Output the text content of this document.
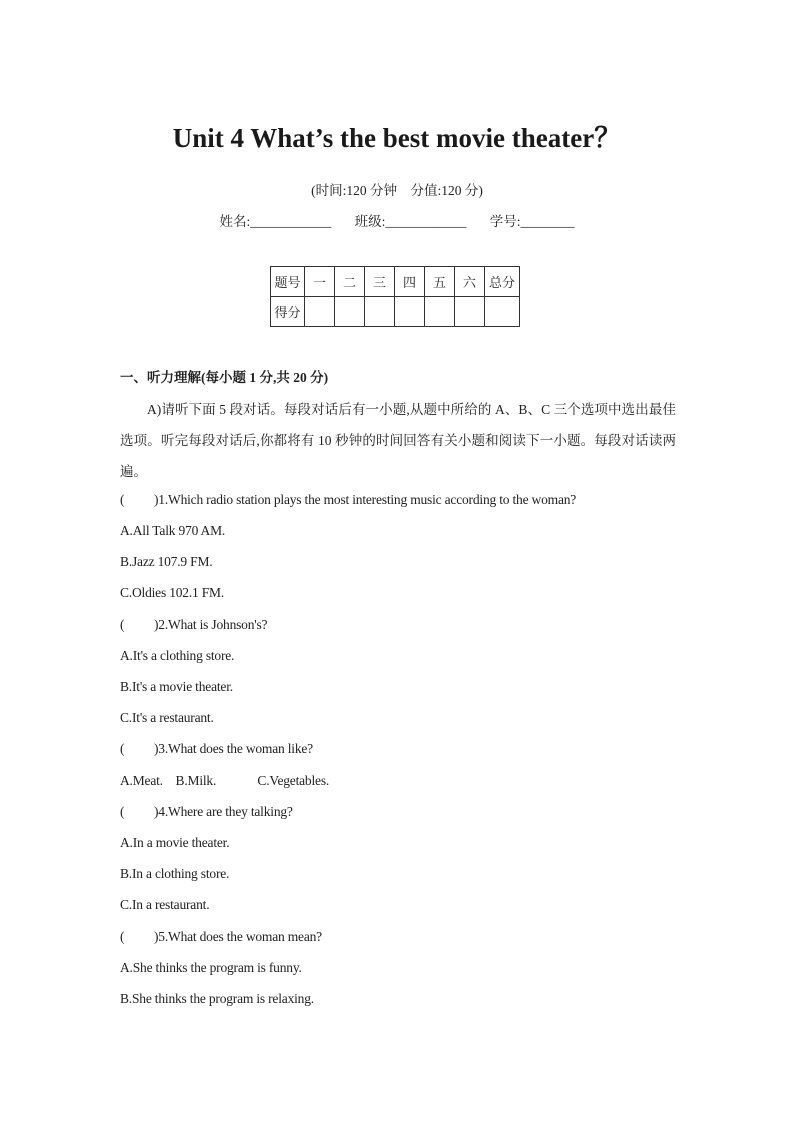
Unit 4 What’s the best movie theater？
(时间:120 分钟    分值:120 分)
姓名:____________ 班级:____________ 学号:________
题号	一	二	三	四	五	六	总分
得分							
一、听力理解(每小题 1 分,共 20 分)
A)请听下面 5 段对话。每段对话后有一小题,从题中所给的 A、B、C 三个选项中选出最佳选项。听完每段对话后,你都将有 10 秒钟的时间回答有关小题和阅读下一小题。每段对话读两遍。
( )1.Which radio station plays the most interesting music according to the woman?
A.All Talk 970 AM.
B.Jazz 107.9 FM.
C.Oldies 102.1 FM.
( )2.What is Johnson's?
A.It's a clothing store.
B.It's a movie theater.
C.It's a restaurant.
( )3.What does the woman like?
A.Meat.    B.Milk.             C.Vegetables.
( )4.Where are they talking?
A.In a movie theater.
B.In a clothing store.
C.In a restaurant.
( )5.What does the woman mean?
A.She thinks the program is funny.
B.She thinks the program is relaxing.
